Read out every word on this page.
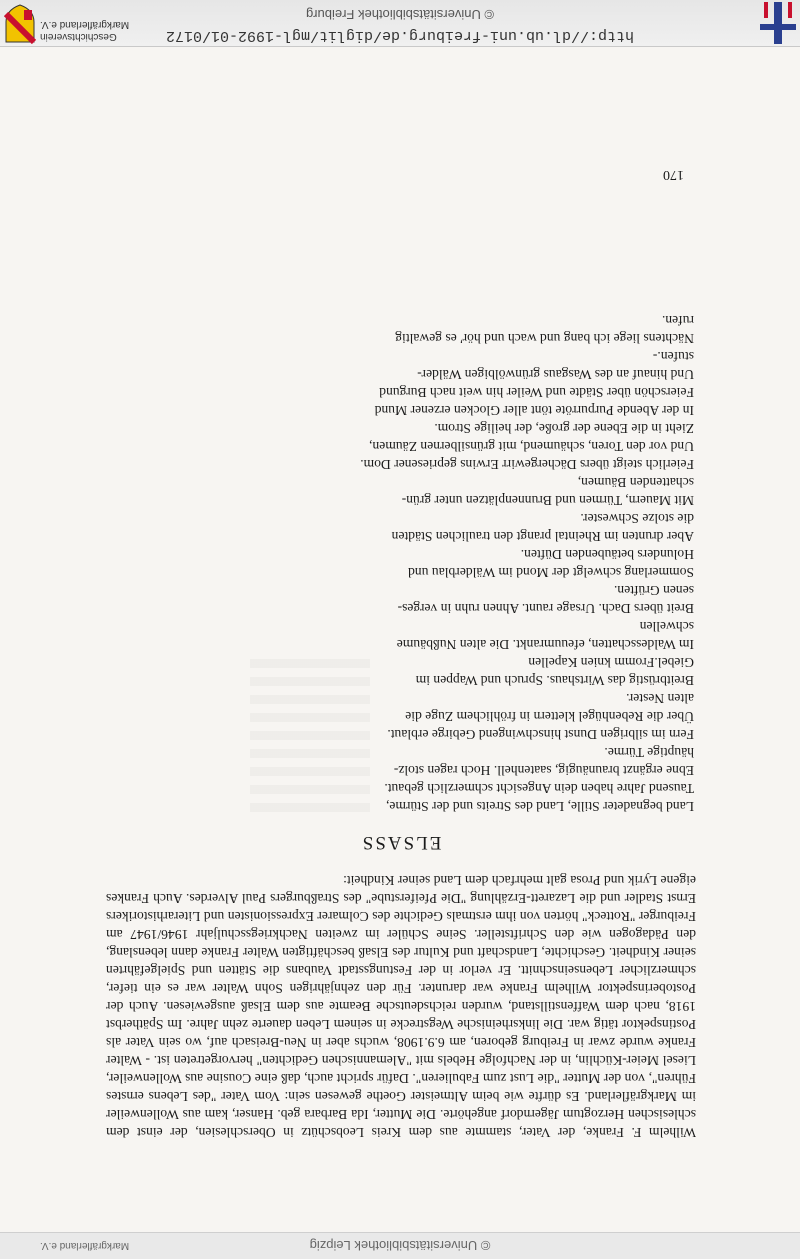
© Universitätsbibliothek Leipzig
Markgräflerland e.V.

Wilhelm F. Franke, der Vater, stammte aus dem Kreis Leobschütz in Oberschlesien, der einst dem schlesischen Herzogtum Jägerndorf angehörte. Die Mutter, Ida Barbara geb. Hanser, kam aus Wollenweiler im Markgräflerland. Es dürfte wie beim Altmeister Goethe gewesen sein: Vom Vater "des Lebens ernstes Führen", von der Mutter "die Lust zum Fabulieren". Dafür spricht auch, daß eine Cousine aus Wollenweiler, Liesel Meier-Küchlin, in der Nachfolge Hebels mit "Alemannischen Gedichten" hervorgetreten ist. - Walter Franke wurde zwar in Freiburg geboren, am 6.9.1908, wuchs aber in Neu-Breisach auf, wo sein Vater als Postinspektor tätig war. Die linksrheinische Wegstrecke in seinem Leben dauerte zehn Jahre. Im Spätherbst 1918, nach dem Waffenstillstand, wurden reichsdeutsche Beamte aus dem Elsaß ausgewiesen. Auch der Postoberinspektor Wilhelm Franke war darunter. Für den zehnjährigen Sohn Walter war es ein tiefer, schmerzlicher Lebenseinschnitt. Er verlor in der Festungsstadt Vaubans die Stätten und Spielgefährten seiner Kindheit. Geschichte, Landschaft und Kultur des Elsaß beschäftigten Walter Franke dann lebenslang, den Pädagogen wie den Schriftsteller. Seine Schüler im zweiten Nachkriegsschuljahr 1946/1947 am Freiburger "Rotteck" hörten von ihm erstmals Gedichte des Colmarer Expressionisten und Literarhistorikers Ernst Stadler und die Lazarett-Erzählung "Die Pfeiferstube" des Straßburgers Paul Alverdes. Auch Frankes eigene Lyrik und Prosa galt mehrfach dem Land seiner Kindheit:

ELSASS

Land begnadeter Stille, Land des Streits und der Stürme,

Tausend Jahre haben dein Angesicht schmerzlich gebaut.

Ebne ergänzt braunäugig, saatenhell. Hoch ragen stolz-

häuptige Türme.

Fern im silbrigen Dunst hinschwingend Gebirge erblaut.

Über die Rebenhügel klettern in fröhlichem Zuge die

alten Nester.

Breitbrüstig das Wirtshaus. Spruch und Wappen im

Giebel.Fromm knien Kapellen

Im Waldesschatten, efeuumrankt. Die alten Nußbäume

schwellen

Breit übers Dach. Ursage raunt. Ahnen ruhn in verges-

senen Grüften.

Sommerlang schwelgt der Mond im Wälderblau und

Holunders betäubenden Düften.

Aber drunten im Rheintal prangt den traulichen Städten

die stolze Schwester.

Mit Mauern, Türmen und Brunnenplätzen unter grün-

schattenden Bäumen,

Feierlich steigt übers Dächergewirr Erwins gepriesener Dom.

Und vor den Toren, schäumend, mit grünsilbernen Zäumen,

Zieht in die Ebene der große, der heilige Strom.

In der Abende Purpurröte tönt aller Glocken erzener Mund

Feierschön über Städte und Weiler hin weit nach Burgund

Und hinauf an des Wasgaus grünwölbigen Wälder-

stufen.-

Nächtens liege ich bang und wach und hör' es gewaltig

rufen.

170
http://dl.ub.uni-freiburg.de/diglit/mgl-1992-01/0172
© Universitätsbibliothek Freiburg
Geschichtsverein
Markgräflerland e.V.
